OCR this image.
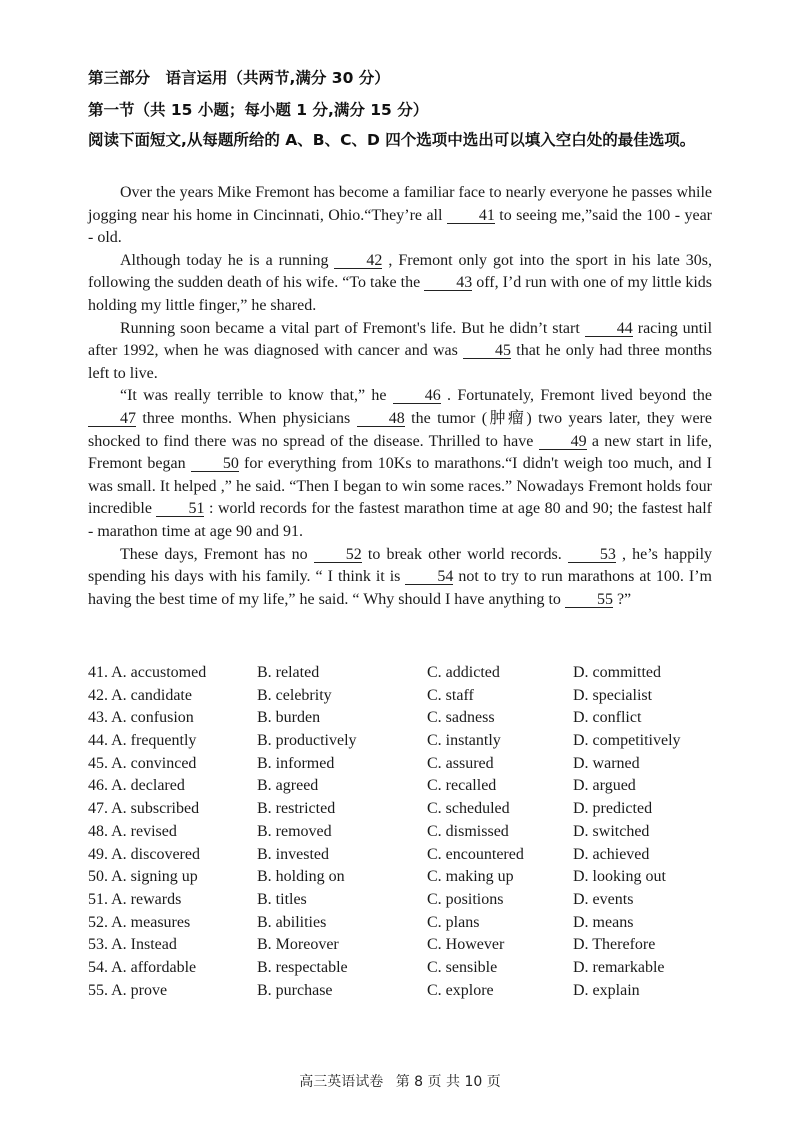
第三部分　语言运用（共两节,满分 30 分）
第一节（共 15 小题；每小题 1 分,满分 15 分）
阅读下面短文,从每题所给的 A、B、C、D 四个选项中选出可以填入空白处的最佳选项。

Over the years Mike Fremont has become a familiar face to nearly everyone he passes while jogging near his home in Cincinnati, Ohio.“They’re all 41 to seeing me,”said the 100 - year - old.

Although today he is a running 42 , Fremont only got into the sport in his late 30s, following the sudden death of his wife. “To take the 43 off, I’d run with one of my little kids holding my little finger,” he shared.

Running soon became a vital part of Fremont's life. But he didn’t start 44 racing until after 1992, when he was diagnosed with cancer and was 45 that he only had three months left to live.

“It was really terrible to know that,” he 46 . Fortunately, Fremont lived beyond the 47 three months. When physicians 48 the tumor (肿瘤) two years later, they were shocked to find there was no spread of the disease. Thrilled to have 49 a new start in life, Fremont began 50 for everything from 10Ks to marathons.“I didn't weigh too much, and I was small. It helped ,” he said. “Then I began to win some races.” Nowadays Fremont holds four incredible 51 : world records for the fastest marathon time at age 80 and 90; the fastest half - marathon time at age 90 and 91.

These days, Fremont has no 52 to break other world records. 53 , he’s happily spending his days with his family. “ I think it is 54 not to try to run marathons at 100. I’m having the best time of my life,” he said. “ Why should I have anything to 55 ?”

41. A. accustomed	B. related	C. addicted	D. committed
42. A. candidate	B. celebrity	C. staff	D. specialist
43. A. confusion	B. burden	C. sadness	D. conflict
44. A. frequently	B. productively	C. instantly	D. competitively
45. A. convinced	B. informed	C. assured	D. warned
46. A. declared	B. agreed	C. recalled	D. argued
47. A. subscribed	B. restricted	C. scheduled	D. predicted
48. A. revised	B. removed	C. dismissed	D. switched
49. A. discovered	B. invested	C. encountered	D. achieved
50. A. signing up	B. holding on	C. making up	D. looking out
51. A. rewards	B. titles	C. positions	D. events
52. A. measures	B. abilities	C. plans	D. means
53. A. Instead	B. Moreover	C. However	D. Therefore
54. A. affordable	B. respectable	C. sensible	D. remarkable
55. A. prove	B. purchase	C. explore	D. explain
高三英语试卷 第 8 页 共 10 页
